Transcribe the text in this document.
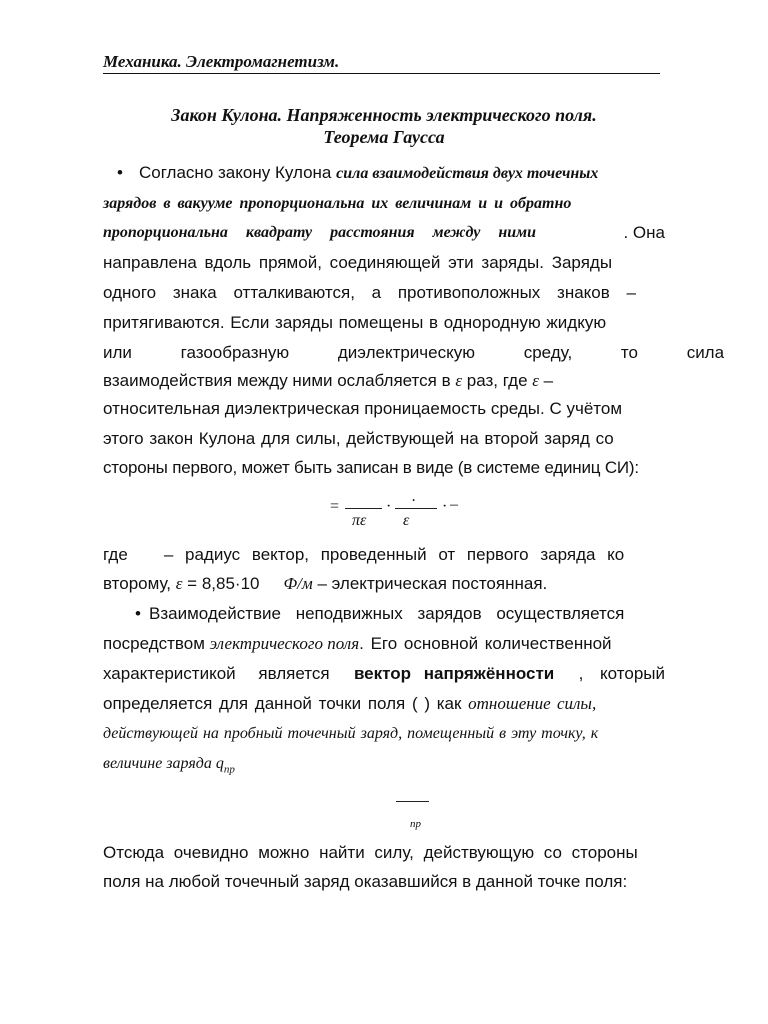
Механика. Электромагнетизм.
Закон Кулона. Напряженность электрического поля.
Теорема Гаусса
• Согласно закону Кулона сила взаимодействия двух точечных
зарядов в вакууме пропорциональна их величинам и и обратно
пропорциональна квадрату расстояния между ними	. Она
направлена вдоль прямой, соединяющей эти заряды. Заряды
одного знака отталкиваются, а противоположных знаков –
притягиваются. Если заряды помещены в однородную жидкую
или газообразную диэлектрическую среду, то сила
взаимодействия между ними ослабляется в ε раз, где ε –
относительная диэлектрическая проницаемость среды. С учётом
этого закон Кулона для силы, действующей на второй заряд со
стороны первого, может быть записан в виде (в системе единиц СИ):
.
=
πε
·
ε
· –
где – радиус вектор, проведенный от первого заряда ко
второму, ε = 8,85·10 Ф/м – электрическая постоянная.
• Взаимодействие неподвижных зарядов осуществляется
посредством электрического поля. Его основной количественной
характеристикой является вектор напряжённости , который
определяется для данной точки поля ( ) как отношение силы,
действующей на пробный точечный заряд, помещенный в эту точку, к
величине заряда $q_{пр}$
пр
Отсюда очевидно можно найти силу, действующую со стороны
поля на любой точечный заряд оказавшийся в данной точке поля:
